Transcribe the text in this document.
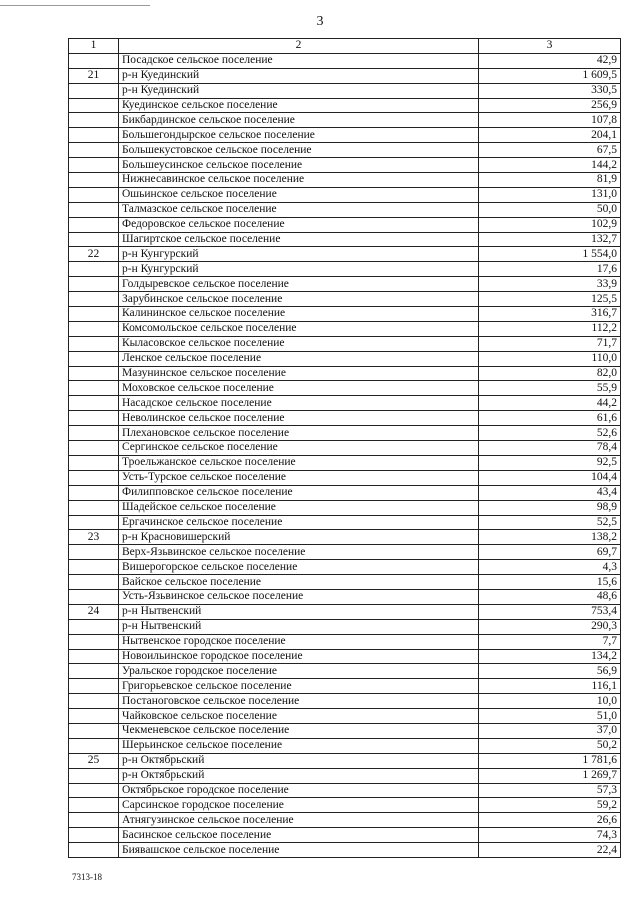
3
1	2	3
	Посадское сельское поселение	42,9
21	р-н Куединский	1 609,5
	р-н Куединский	330,5
	Куединское сельское поселение	256,9
	Бикбардинское сельское поселение	107,8
	Большегондырское сельское поселение	204,1
	Большекустовское сельское поселение	67,5
	Большеусинское сельское поселение	144,2
	Нижнесавинское сельское поселение	81,9
	Ошьинское сельское поселение	131,0
	Талмазское сельское поселение	50,0
	Федоровское сельское поселение	102,9
	Шагиртское сельское поселение	132,7
22	р-н Кунгурский	1 554,0
	р-н Кунгурский	17,6
	Голдыревское сельское поселение	33,9
	Зарубинское сельское поселение	125,5
	Калининское сельское поселение	316,7
	Комсомольское сельское поселение	112,2
	Кыласовское сельское поселение	71,7
	Ленское сельское поселение	110,0
	Мазунинское сельское поселение	82,0
	Моховское сельское поселение	55,9
	Насадское сельское поселение	44,2
	Неволинское сельское поселение	61,6
	Плехановское сельское поселение	52,6
	Сергинское сельское поселение	78,4
	Троельжанское сельское поселение	92,5
	Усть-Турское сельское поселение	104,4
	Филипповское сельское поселение	43,4
	Шадейское сельское поселение	98,9
	Ергачинское сельское поселение	52,5
23	р-н Красновишерский	138,2
	Верх-Язьвинское сельское поселение	69,7
	Вишерогорское сельское поселение	4,3
	Вайское сельское поселение	15,6
	Усть-Язьвинское сельское поселение	48,6
24	р-н Нытвенский	753,4
	р-н Нытвенский	290,3
	Нытвенское городское поселение	7,7
	Новоильинское городское поселение	134,2
	Уральское городское поселение	56,9
	Григорьевское сельское поселение	116,1
	Постаноговское сельское поселение	10,0
	Чайковское сельское поселение	51,0
	Чекменевское сельское поселение	37,0
	Шерьинское сельское поселение	50,2
25	р-н Октябрьский	1 781,6
	р-н Октябрьский	1 269,7
	Октябрьское городское поселение	57,3
	Сарсинское городское поселение	59,2
	Атнягузинское сельское поселение	26,6
	Басинское сельское поселение	74,3
	Биявашское сельское поселение	22,4
7313-18
